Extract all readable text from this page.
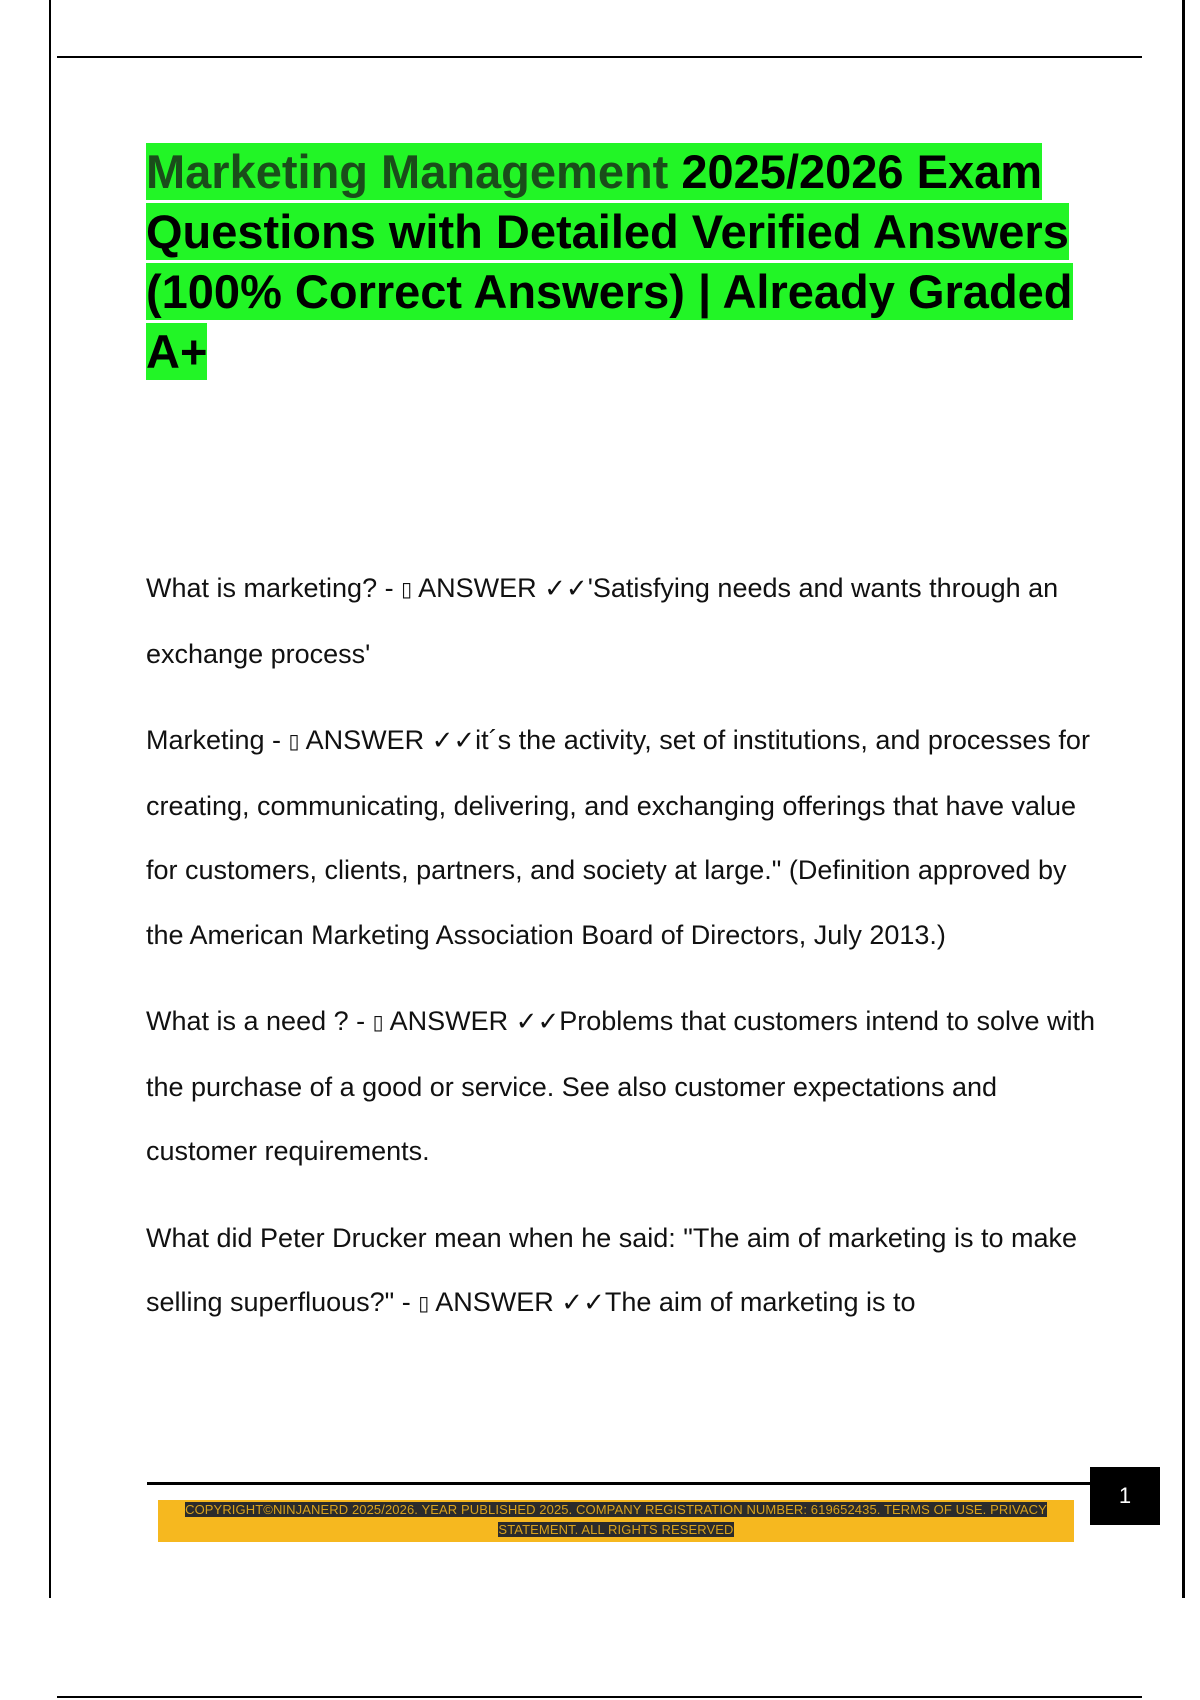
Marketing Management 2025/2026 Exam Questions with Detailed Verified Answers (100% Correct Answers) | Already Graded A+
What is marketing? - ▯ ANSWER ✓✓'Satisfying needs and wants through an exchange process'
Marketing - ▯ ANSWER ✓✓it´s the activity, set of institutions, and processes for creating, communicating, delivering, and exchanging offerings that have value for customers, clients, partners, and society at large." (Definition approved by the American Marketing Association Board of Directors, July 2013.)
What is a need ? - ▯ ANSWER ✓✓Problems that customers intend to solve with the purchase of a good or service. See also customer expectations and customer requirements.
What did Peter Drucker mean when he said: "The aim of marketing is to make selling superfluous?" - ▯ ANSWER ✓✓The aim of marketing is to
COPYRIGHT©NINJANERD 2025/2026. YEAR PUBLISHED 2025. COMPANY REGISTRATION NUMBER: 619652435. TERMS OF USE. PRIVACY STATEMENT. ALL RIGHTS RESERVED
1
